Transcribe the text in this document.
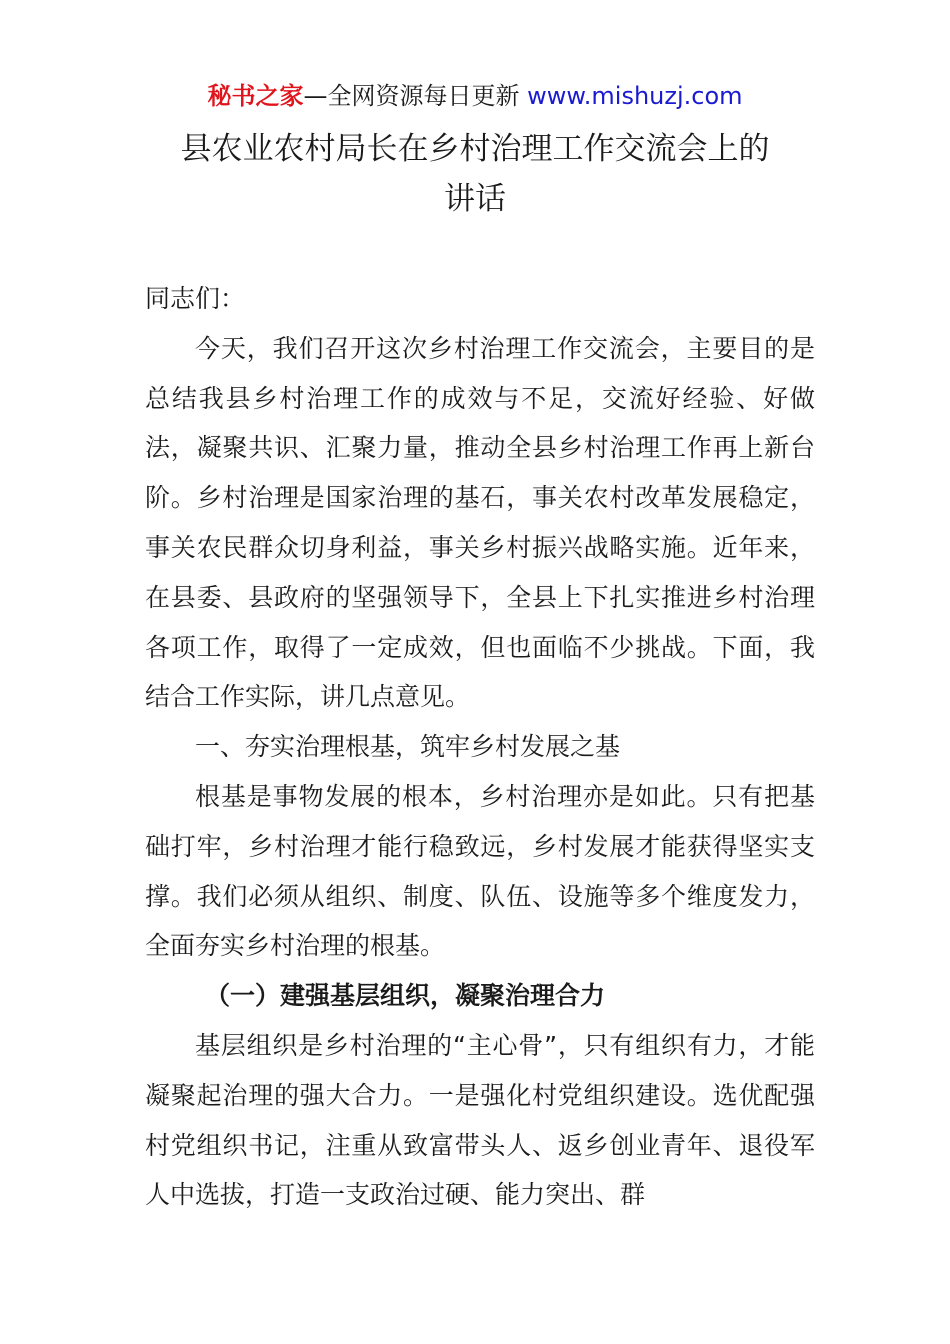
秘书之家—全网资源每日更新 www.mishuzj.com
县农业农村局长在乡村治理工作交流会上的
讲话

同志们：

今天，我们召开这次乡村治理工作交流会，主要目的是总结我县乡村治理工作的成效与不足，交流好经验、好做法，凝聚共识、汇聚力量，推动全县乡村治理工作再上新台阶。乡村治理是国家治理的基石，事关农村改革发展稳定，事关农民群众切身利益，事关乡村振兴战略实施。近年来，在县委、县政府的坚强领导下，全县上下扎实推进乡村治理各项工作，取得了一定成效，但也面临不少挑战。下面，我结合工作实际，讲几点意见。

一、夯实治理根基，筑牢乡村发展之基

根基是事物发展的根本，乡村治理亦是如此。只有把基础打牢，乡村治理才能行稳致远，乡村发展才能获得坚实支撑。我们必须从组织、制度、队伍、设施等多个维度发力，全面夯实乡村治理的根基。

（一）建强基层组织，凝聚治理合力

基层组织是乡村治理的“主心骨”，只有组织有力，才能凝聚起治理的强大合力。一是强化村党组织建设。选优配强村党组织书记，注重从致富带头人、返乡创业青年、退役军人中选拔，打造一支政治过硬、能力突出、群
